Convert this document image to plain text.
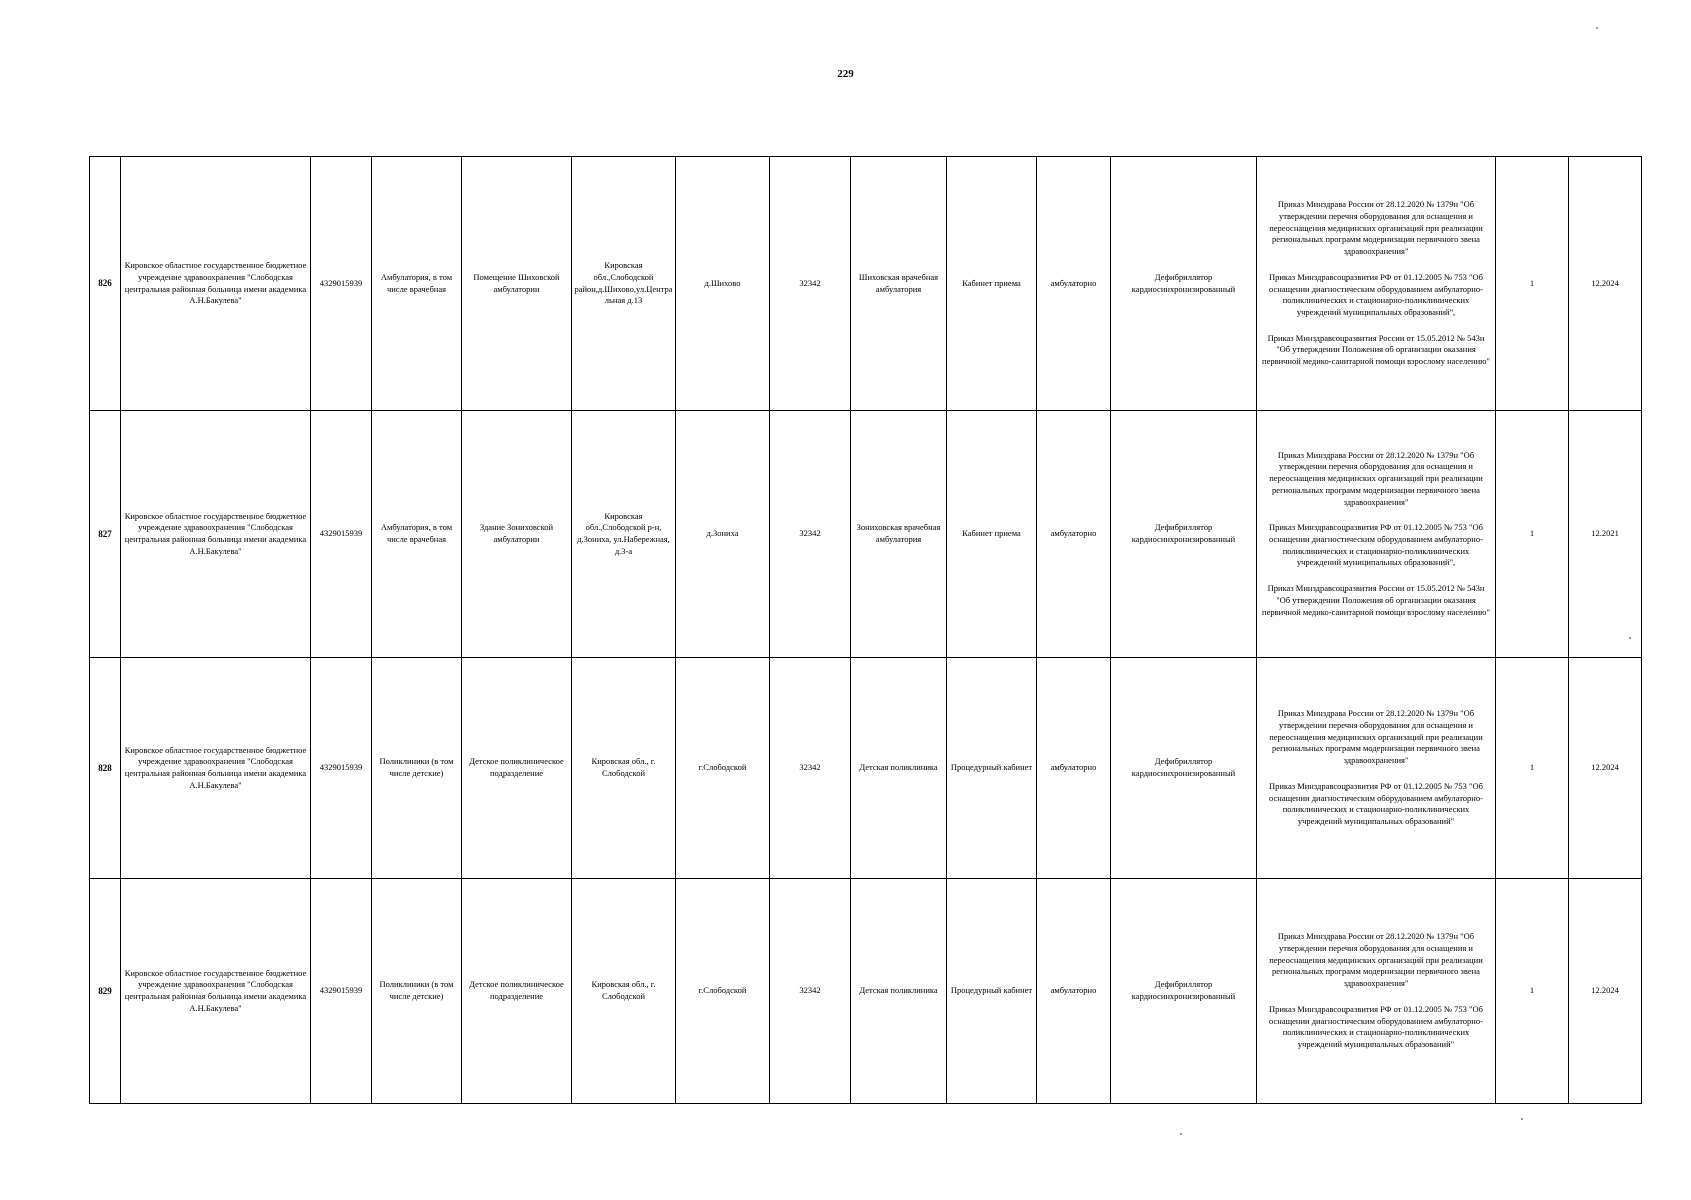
229
826	Кировское областное государственное бюджетное учреждение здравоохранения "Слободская центральная районная больница имени академика А.Н.Бакулева"	4329015939	Амбулатория, в том числе врачебная	Помещение Шиховской амбулатории	Кировская обл.,Слободской район,д.Шихово,ул.Центральная д.13	д.Шихово	32342	Шиховская врачебная амбулатория	Кабинет приема	амбулаторно	Дефибриллятор кардиосинхронизированный	Приказ Минздрава России от 28.12.2020 № 1379н "Об утверждении перечня оборудования для оснащения и переоснащения медицинских организаций при реализации региональных программ модернизации первичного звена здравоохранения"
Приказ Минздравсоцразвития РФ от 01.12.2005 № 753 "Об оснащении диагностическим оборудованием амбулаторно-поликлинических и стационарно-поликлинических учреждений муниципальных образований",
Приказ Минздравсоцразвития России от 15.05.2012 № 543н "Об утверждении Положения об организации оказания первичной медико-санитарной помощи взрослому населению"	1	12.2024
827	Кировское областное государственное бюджетное учреждение здравоохранения "Слободская центральная районная больница имени академика А.Н.Бакулева"	4329015939	Амбулатория, в том числе врачебная	Здание Зониховской амбулатории	Кировская обл.,Слободской р-н, д.Зониха, ул.Набережная, д.3-а	д.Зониха	32342	Зониховская врачебная амбулатория	Кабинет приема	амбулаторно	Дефибриллятор кардиосинхронизированный	Приказ Минздрава России от 28.12.2020 № 1379н "Об утверждении перечня оборудования для оснащения и переоснащения медицинских организаций при реализации региональных программ модернизации первичного звена здравоохранения"
Приказ Минздравсоцразвития РФ от 01.12.2005 № 753 "Об оснащении диагностическим оборудованием амбулаторно-поликлинических и стационарно-поликлинических учреждений муниципальных образований",
Приказ Минздравсоцразвития России от 15.05.2012 № 543н "Об утверждении Положения об организации оказания первичной медико-санитарной помощи взрослому населению"	1	12.2021
828	Кировское областное государственное бюджетное учреждение здравоохранения "Слободская центральная районная больница имени академика А.Н.Бакулева"	4329015939	Поликлиники (в том числе детские)	Детское поликлиническое подразделение	Кировская обл., г. Слободской	г.Слободской	32342	Детская поликлиника	Процедурный кабинет	амбулаторно	Дефибриллятор кардиосинхронизированный	Приказ Минздрава России от 28.12.2020 № 1379н "Об утверждении перечня оборудования для оснащения и переоснащения медицинских организаций при реализации региональных программ модернизации первичного звена здравоохранения"
Приказ Минздравсоцразвития РФ от 01.12.2005 № 753 "Об оснащении диагностическим оборудованием амбулаторно-поликлинических и стационарно-поликлинических учреждений муниципальных образований"	1	12.2024
829	Кировское областное государственное бюджетное учреждение здравоохранения "Слободская центральная районная больница имени академика А.Н.Бакулева"	4329015939	Поликлиники (в том числе детские)	Детское поликлиническое подразделение	Кировская обл., г. Слободской	г.Слободской	32342	Детская поликлиника	Процедурный кабинет	амбулаторно	Дефибриллятор кардиосинхронизированный	Приказ Минздрава России от 28.12.2020 № 1379н "Об утверждении перечня оборудования для оснащения и переоснащения медицинских организаций при реализации региональных программ модернизации первичного звена здравоохранения"
Приказ Минздравсоцразвития РФ от 01.12.2005 № 753 "Об оснащении диагностическим оборудованием амбулаторно-поликлинических и стационарно-поликлинических учреждений муниципальных образований"	1	12.2024
